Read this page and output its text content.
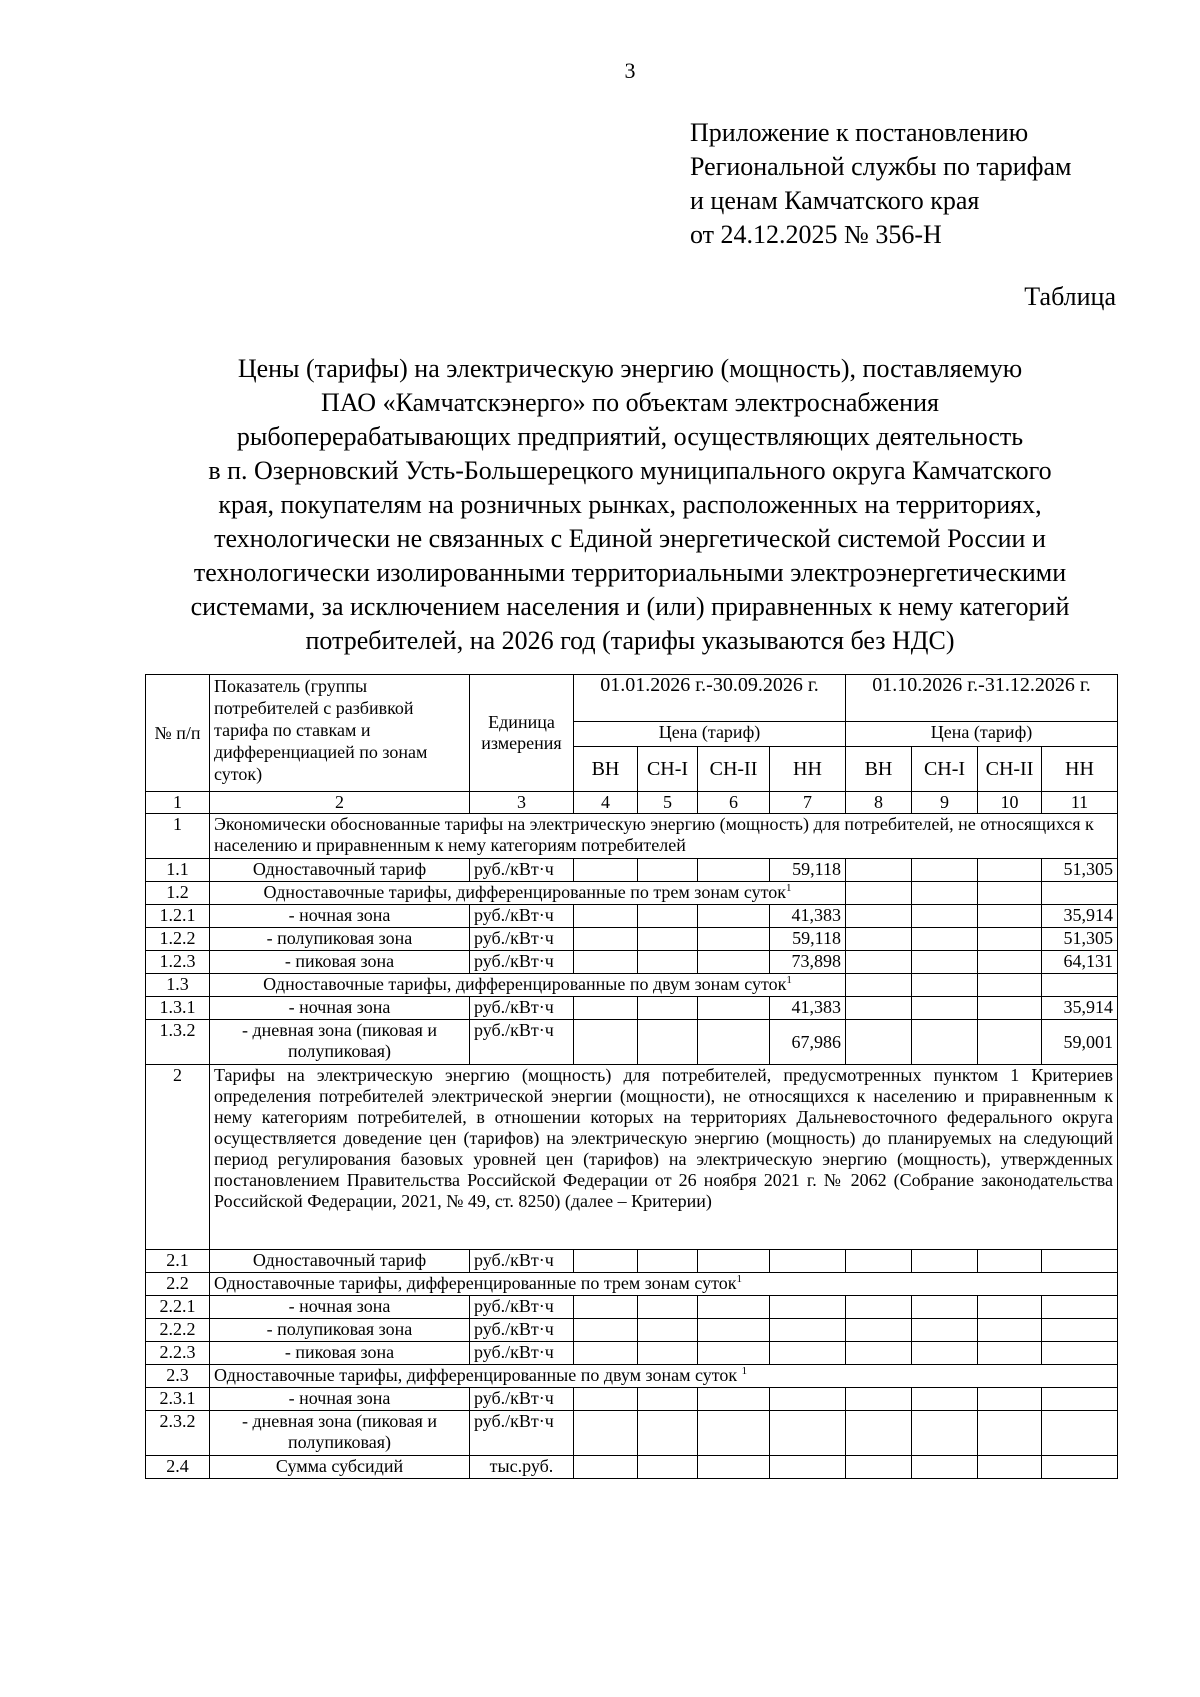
3
Приложение к постановлению
Региональной службы по тарифам
и ценам Камчатского края
от 24.12.2025 № 356-Н
Таблица
Цены (тарифы) на электрическую энергию (мощность), поставляемую
ПАО «Камчатскэнерго» по объектам электроснабжения
рыбоперерабатывающих предприятий, осуществляющих деятельность
в п. Озерновский Усть-Большерецкого муниципального округа Камчатского
края, покупателям на розничных рынках, расположенных на территориях,
технологически не связанных с Единой энергетической системой России и
технологически изолированными территориальными электроэнергетическими
системами, за исключением населения и (или) приравненных к нему категорий
потребителей, на 2026 год (тарифы указываются без НДС)
№ п/п	Показатель (группы потребителей с разбивкой тарифа по ставкам и дифференциацией по зонам суток)	Единица измерения	01.01.2026 г.-30.09.2026 г.				01.10.2026 г.-31.12.2026 г.			
			Цена (тариф)				Цена (тариф)			
			ВН	СН-I	СН-II	НН	ВН	СН-I	СН-II	НН
1	2	3	4	5	6	7	8	9	10	11
1	Экономически обоснованные тарифы на электрическую энергию (мощность) для потребителей, не относящихся к населению и приравненным к нему категориям потребителей									
1.1	Одноставочный тариф	руб./кВт·ч				59,118				51,305
1.2	Одноставочные тарифы, дифференцированные по трем зонам суток$^1$				
1.2.1	- ночная зона	руб./кВт·ч				41,383				35,914
1.2.2	- полупиковая зона	руб./кВт·ч				59,118				51,305
1.2.3	- пиковая зона	руб./кВт·ч				73,898				64,131
1.3	Одноставочные тарифы, дифференцированные по двум зонам суток$^1$				
1.3.1	- ночная зона	руб./кВт·ч				41,383				35,914
1.3.2	- дневная зона (пиковая и полупиковая)	руб./кВт·ч				67,986				59,001
2	Тарифы на электрическую энергию (мощность) для потребителей, предусмотренных пунктом 1 Критериев определения потребителей электрической энергии (мощности), не относящихся к населению и приравненным к нему категориям потребителей, в отношении которых на территориях Дальневосточного федерального округа осуществляется доведение цен (тарифов) на электрическую энергию (мощность) до планируемых на следующий период регулирования базовых уровней цен (тарифов) на электрическую энергию (мощность), утвержденных постановлением Правительства Российской Федерации от 26 ноября 2021 г. № 2062 (Собрание законодательства Российской Федерации, 2021, № 49, ст. 8250) (далее – Критерии)									
2.1	Одноставочный тариф	руб./кВт·ч								
2.2	Одноставочные тарифы, дифференцированные по трем зонам суток$^1$
2.2.1	- ночная зона	руб./кВт·ч								
2.2.2	- полупиковая зона	руб./кВт·ч								
2.2.3	- пиковая зона	руб./кВт·ч								
2.3	Одноставочные тарифы, дифференцированные по двум зонам суток $^1$
2.3.1	- ночная зона	руб./кВт·ч								
2.3.2	- дневная зона (пиковая и полупиковая)	руб./кВт·ч								
2.4	Сумма субсидий	тыс.руб.								
